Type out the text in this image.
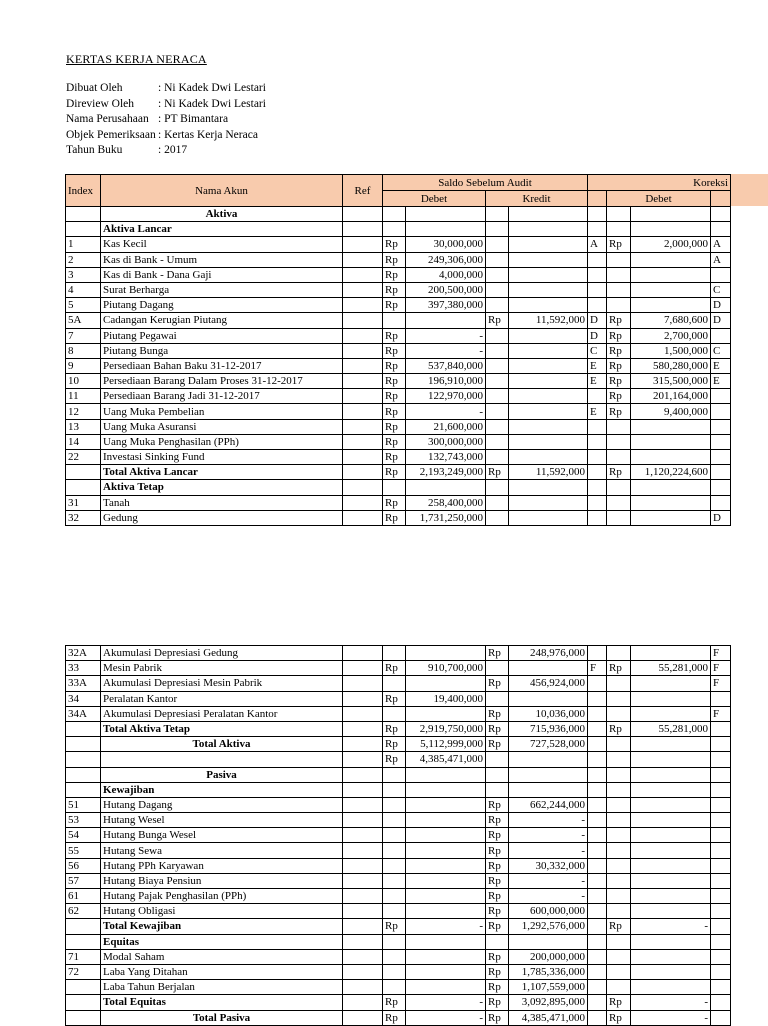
KERTAS KERJA NERACA
Dibuat Oleh	: Ni Kadek Dwi Lestari
Direview Oleh	: Ni Kadek Dwi Lestari
Nama Perusahaan : PT Bimantara
Objek Pemeriksaan : Kertas Kerja Neraca
Tahun Buku	: 2017
Index	Nama Akun	Ref	Saldo Sebelum Audit				Koreksi			
			Debet		Kredit			Debet		
	Aktiva									
	Aktiva Lancar									
1	Kas Kecil		Rp	30,000,000			A	Rp	2,000,000	A
2	Kas di Bank - Umum		Rp	249,306,000						A
3	Kas di Bank - Dana Gaji		Rp	4,000,000						
4	Surat Berharga		Rp	200,500,000						C
5	Piutang Dagang		Rp	397,380,000						D
5A	Cadangan Kerugian Piutang				Rp	11,592,000	D	Rp	7,680,600	D
7	Piutang Pegawai		Rp	-			D	Rp	2,700,000	
8	Piutang Bunga		Rp	-			C	Rp	1,500,000	C
9	Persediaan Bahan Baku 31-12-2017		Rp	537,840,000			E	Rp	580,280,000	E
10	Persediaan Barang Dalam Proses 31-12-2017		Rp	196,910,000			E	Rp	315,500,000	E
11	Persediaan Barang Jadi 31-12-2017		Rp	122,970,000				Rp	201,164,000	
12	Uang Muka Pembelian		Rp	-			E	Rp	9,400,000	
13	Uang Muka Asuransi		Rp	21,600,000						
14	Uang Muka Penghasilan (PPh)		Rp	300,000,000						
22	Investasi Sinking Fund		Rp	132,743,000						
	Total Aktiva Lancar		Rp	2,193,249,000	Rp	11,592,000		Rp	1,120,224,600	
	Aktiva Tetap									
31	Tanah		Rp	258,400,000						
32	Gedung		Rp	1,731,250,000						D
32A	Akumulasi Depresiasi Gedung				Rp	248,976,000				F
33	Mesin Pabrik		Rp	910,700,000			F	Rp	55,281,000	F
33A	Akumulasi Depresiasi Mesin Pabrik				Rp	456,924,000				F
34	Peralatan Kantor		Rp	19,400,000						
34A	Akumulasi Depresiasi Peralatan Kantor				Rp	10,036,000				F
	Total Aktiva Tetap		Rp	2,919,750,000	Rp	715,936,000		Rp	55,281,000	
	Total Aktiva		Rp	5,112,999,000	Rp	727,528,000				
			Rp	4,385,471,000						
	Pasiva									
	Kewajiban									
51	Hutang Dagang				Rp	662,244,000				
53	Hutang Wesel				Rp	-				
54	Hutang Bunga Wesel				Rp	-				
55	Hutang Sewa				Rp	-				
56	Hutang PPh Karyawan				Rp	30,332,000				
57	Hutang Biaya Pensiun				Rp	-				
61	Hutang Pajak Penghasilan (PPh)				Rp	-				
62	Hutang Obligasi				Rp	600,000,000				
	Total Kewajiban		Rp	-	Rp	1,292,576,000		Rp	-	
	Equitas									
71	Modal Saham				Rp	200,000,000				
72	Laba Yang Ditahan				Rp	1,785,336,000				
	Laba Tahun Berjalan				Rp	1,107,559,000				
	Total Equitas		Rp	-	Rp	3,092,895,000		Rp	-	
	Total Pasiva		Rp	-	Rp	4,385,471,000		Rp	-	
